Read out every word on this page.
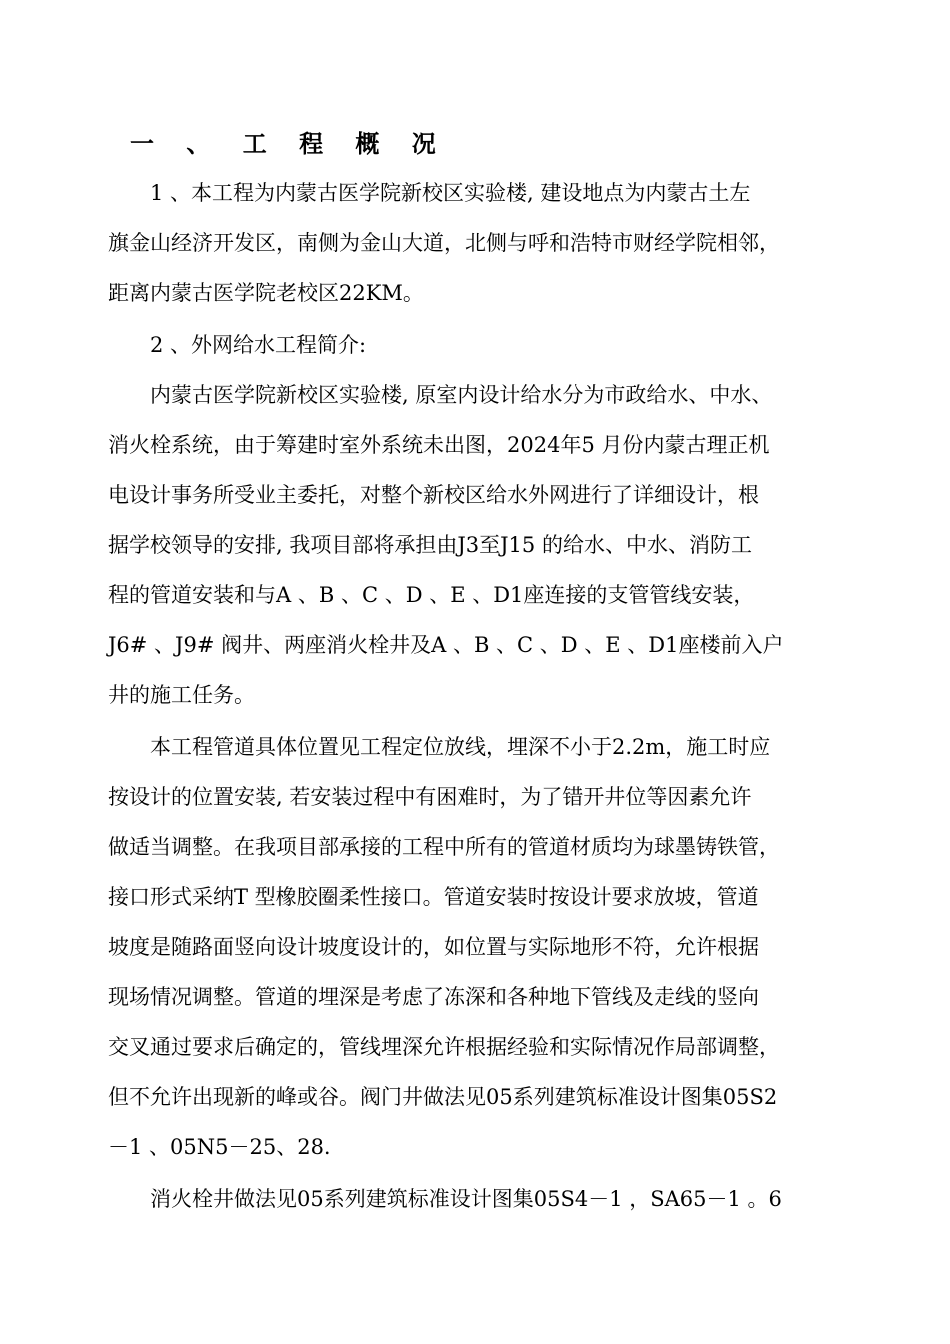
一 、 工 程 概 况
1 、本工程为内蒙古医学院新校区实验楼, 建设地点为内蒙古土左
旗金山经济开发区，南侧为金山大道，北侧与呼和浩特市财经学院相邻，
距离内蒙古医学院老校区22KM。
2 、外网给水工程简介:
内蒙古医学院新校区实验楼, 原室内设计给水分为市政给水、中水、
消火栓系统，由于筹建时室外系统未出图，2024年5 月份内蒙古理正机
电设计事务所受业主委托，对整个新校区给水外网进行了详细设计，根
据学校领导的安排, 我项目部将承担由J3至J15 的给水、中水、消防工
程的管道安装和与A 、B 、C 、D 、E 、D1座连接的支管管线安装，
J6# 、J9# 阀井、两座消火栓井及A 、B 、C 、D 、E 、D1座楼前入户
井的施工任务。
本工程管道具体位置见工程定位放线，埋深不小于2.2m，施工时应
按设计的位置安装, 若安装过程中有困难时，为了错开井位等因素允许
做适当调整。在我项目部承接的工程中所有的管道材质均为球墨铸铁管，
接口形式采纳T 型橡胶圈柔性接口。管道安装时按设计要求放坡，管道
坡度是随路面竖向设计坡度设计的，如位置与实际地形不符，允许根据
现场情况调整。管道的埋深是考虑了冻深和各种地下管线及走线的竖向
交叉通过要求后确定的，管线埋深允许根据经验和实际情况作局部调整，
但不允许出现新的峰或谷。阀门井做法见05系列建筑标准设计图集05S2
－1 、05N5－25、28.
消火栓井做法见05系列建筑标准设计图集05S4－1 ，SA65－1 。6
